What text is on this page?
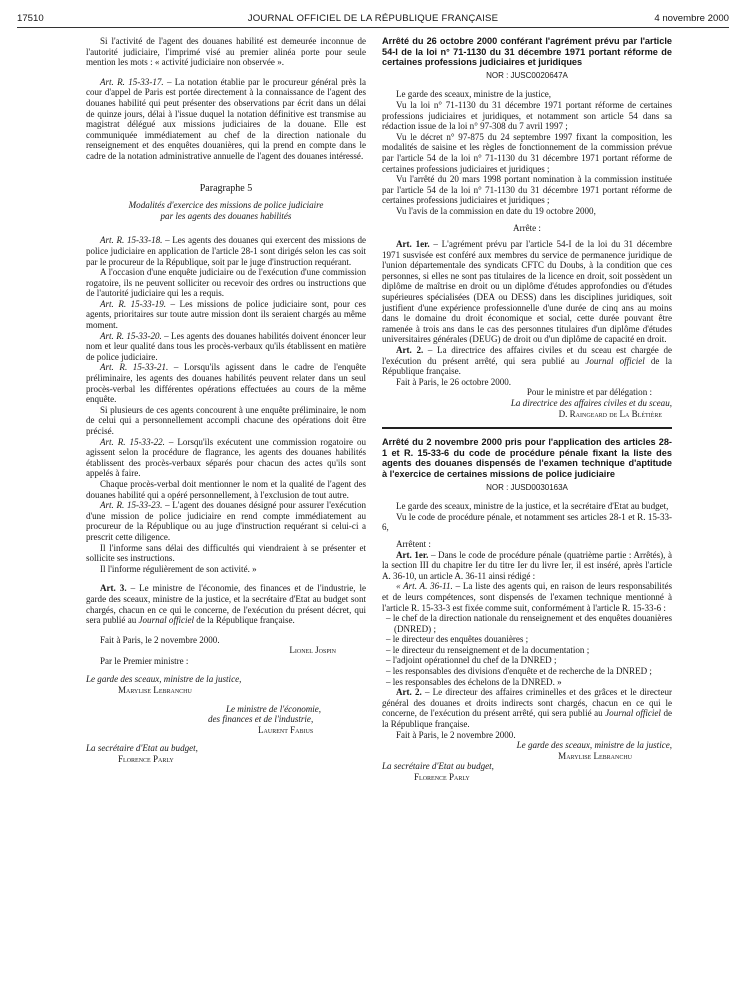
17510	JOURNAL OFFICIEL DE LA RÉPUBLIQUE FRANÇAISE	4 novembre 2000

Si l'activité de l'agent des douanes habilité est demeurée inconnue de l'autorité judiciaire, l'imprimé visé au premier alinéa porte pour seule mention les mots : « activité judiciaire non observée ».

Art. R. 15-33-17. – La notation établie par le procureur général près la cour d'appel de Paris est portée directement à la connaissance de l'agent des douanes habilité qui peut présenter des observations par écrit dans un délai de quinze jours, délai à l'issue duquel la notation définitive est transmise au magistrat délégué aux missions judiciaires de la douane. Elle est communiquée immédiatement au chef de la direction nationale du renseignement et des enquêtes douanières, qui la prend en compte dans le cadre de la notation administrative annuelle de l'agent des douanes intéressé.

Paragraphe 5

Modalités d'exercice des missions de police judiciaire
par les agents des douanes habilités

Art. R. 15-33-18. – Les agents des douanes qui exercent des missions de police judiciaire en application de l'article 28-1 sont dirigés selon les cas soit par le procureur de la République, soit par le juge d'instruction requérant.

A l'occasion d'une enquête judiciaire ou de l'exécution d'une commission rogatoire, ils ne peuvent solliciter ou recevoir des ordres ou instructions que de l'autorité judiciaire qui les a requis.

Art. R. 15-33-19. – Les missions de police judiciaire sont, pour ces agents, prioritaires sur toute autre mission dont ils seraient chargés au même moment.

Art. R. 15-33-20. – Les agents des douanes habilités doivent énoncer leur nom et leur qualité dans tous les procès-verbaux qu'ils établissent en matière de police judiciaire.

Art. R. 15-33-21. – Lorsqu'ils agissent dans le cadre de l'enquête préliminaire, les agents des douanes habilités peuvent relater dans un seul procès-verbal les différentes opérations effectuées au cours de la même enquête.

Si plusieurs de ces agents concourent à une enquête préliminaire, le nom de celui qui a personnellement accompli chacune des opérations doit être précisé.

Art. R. 15-33-22. – Lorsqu'ils exécutent une commission rogatoire ou agissent selon la procédure de flagrance, les agents des douanes habilités établissent des procès-verbaux séparés pour chacun des actes qu'ils sont appelés à faire.

Chaque procès-verbal doit mentionner le nom et la qualité de l'agent des douanes habilité qui a opéré personnellement, à l'exclusion de tout autre.

Art. R. 15-33-23. – L'agent des douanes désigné pour assurer l'exécution d'une mission de police judiciaire en rend compte immédiatement au procureur de la République ou au juge d'instruction requérant si celui-ci a prescrit cette diligence.

Il l'informe sans délai des difficultés qui viendraient à se présenter et sollicite ses instructions.

Il l'informe régulièrement de son activité. »

Art. 3. – Le ministre de l'économie, des finances et de l'industrie, le garde des sceaux, ministre de la justice, et la secrétaire d'Etat au budget sont chargés, chacun en ce qui le concerne, de l'exécution du présent décret, qui sera publié au Journal officiel de la République française.

Fait à Paris, le 2 novembre 2000.

Lionel Jospin

Par le Premier ministre :

Le garde des sceaux, ministre de la justice,

Marylise Lebranchu

Le ministre de l'économie,

des finances et de l'industrie,

Laurent Fabius

La secrétaire d'Etat au budget,

Florence Parly

Arrêté du 26 octobre 2000 conférant l'agrément prévu par l'article 54-I de la loi n° 71-1130 du 31 décembre 1971 portant réforme de certaines professions judiciaires et juridiques
NOR : JUSC0020647A

Le garde des sceaux, ministre de la justice,

Vu la loi n° 71-1130 du 31 décembre 1971 portant réforme de certaines professions judiciaires et juridiques, et notamment son article 54 dans sa rédaction issue de la loi n° 97-308 du 7 avril 1997 ;

Vu le décret n° 97-875 du 24 septembre 1997 fixant la composition, les modalités de saisine et les règles de fonctionnement de la commission prévue par l'article 54 de la loi n° 71-1130 du 31 décembre 1971 portant réforme de certaines professions judiciaires et juridiques ;

Vu l'arrêté du 20 mars 1998 portant nomination à la commission instituée par l'article 54 de la loi n° 71-1130 du 31 décembre 1971 portant réforme de certaines professions judiciaires et juridiques ;

Vu l'avis de la commission en date du 19 octobre 2000,

Arrête :

Art. 1er. – L'agrément prévu par l'article 54-I de la loi du 31 décembre 1971 susvisée est conféré aux membres du service de permanence juridique de l'union départementale des syndicats CFTC du Doubs, à la condition que ces personnes, si elles ne sont pas titulaires de la licence en droit, soit possèdent un diplôme de maîtrise en droit ou un diplôme d'études approfondies ou d'études supérieures spécialisées (DEA ou DESS) dans les disciplines juridiques, soit justifient d'une expérience professionnelle d'une durée de cinq ans au moins dans le domaine du droit économique et social, cette durée pouvant être ramenée à trois ans dans le cas des personnes titulaires d'un diplôme d'études universitaires générales (DEUG) de droit ou d'un diplôme de capacité en droit.

Art. 2. – La directrice des affaires civiles et du sceau est chargée de l'exécution du présent arrêté, qui sera publié au Journal officiel de la République française.

Fait à Paris, le 26 octobre 2000.

Pour le ministre et par délégation :

La directrice des affaires civiles et du sceau,

D. Raingeard de La Blétière

Arrêté du 2 novembre 2000 pris pour l'application des articles 28-1 et R. 15-33-6 du code de procédure pénale fixant la liste des agents des douanes dispensés de l'examen technique d'aptitude à l'exercice de certaines missions de police judiciaire
NOR : JUSD0030163A

Le garde des sceaux, ministre de la justice, et la secrétaire d'Etat au budget,

Vu le code de procédure pénale, et notamment ses articles 28-1 et R. 15-33-6,

Arrêtent :

Art. 1er. – Dans le code de procédure pénale (quatrième partie : Arrêtés), à la section III du chapitre Ier du titre Ier du livre Ier, il est inséré, après l'article A. 36-10, un article A. 36-11 ainsi rédigé :

« Art. A. 36-11. – La liste des agents qui, en raison de leurs responsabilités et de leurs compétences, sont dispensés de l'examen technique mentionné à l'article R. 15-33-3 est fixée comme suit, conformément à l'article R. 15-33-6 :

– le chef de la direction nationale du renseignement et des enquêtes douanières (DNRED) ;
– le directeur des enquêtes douanières ;
– le directeur du renseignement et de la documentation ;
– l'adjoint opérationnel du chef de la DNRED ;
– les responsables des divisions d'enquête et de recherche de la DNRED ;
– les responsables des échelons de la DNRED. »

Art. 2. – Le directeur des affaires criminelles et des grâces et le directeur général des douanes et droits indirects sont chargés, chacun en ce qui le concerne, de l'exécution du présent arrêté, qui sera publié au Journal officiel de la République française.

Fait à Paris, le 2 novembre 2000.

Le garde des sceaux, ministre de la justice,

Marylise Lebranchu

La secrétaire d'Etat au budget,

Florence Parly
